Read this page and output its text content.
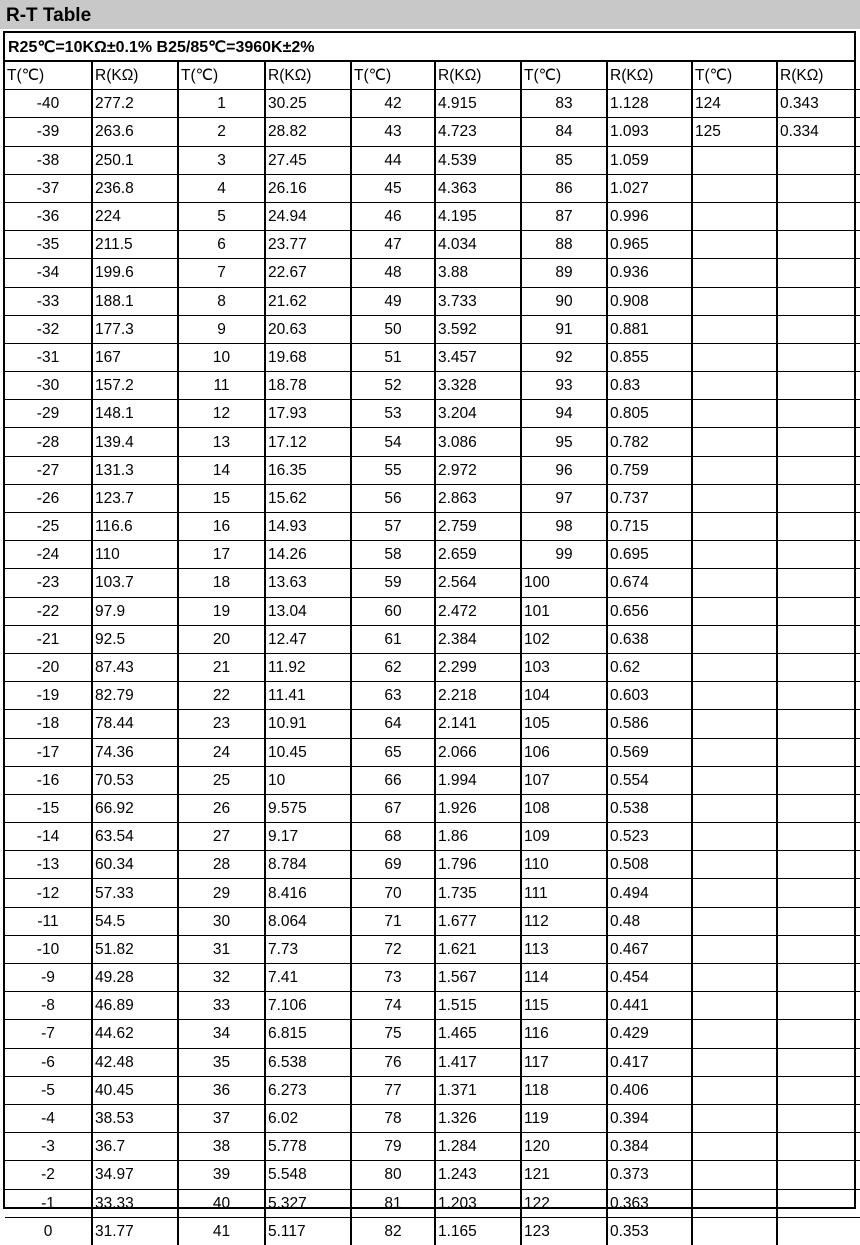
R-T Table
R25℃=10KΩ±0.1% B25/85℃=3960K±2%
T(℃)	R(KΩ)	T(℃)	R(KΩ)	T(℃)	R(KΩ)	T(℃)	R(KΩ)	T(℃)	R(KΩ)
-40	277.2	1	30.25	42	4.915	83	1.128	124	0.343
-39	263.6	2	28.82	43	4.723	84	1.093	125	0.334
-38	250.1	3	27.45	44	4.539	85	1.059		
-37	236.8	4	26.16	45	4.363	86	1.027		
-36	224	5	24.94	46	4.195	87	0.996		
-35	211.5	6	23.77	47	4.034	88	0.965		
-34	199.6	7	22.67	48	3.88	89	0.936		
-33	188.1	8	21.62	49	3.733	90	0.908		
-32	177.3	9	20.63	50	3.592	91	0.881		
-31	167	10	19.68	51	3.457	92	0.855		
-30	157.2	11	18.78	52	3.328	93	0.83		
-29	148.1	12	17.93	53	3.204	94	0.805		
-28	139.4	13	17.12	54	3.086	95	0.782		
-27	131.3	14	16.35	55	2.972	96	0.759		
-26	123.7	15	15.62	56	2.863	97	0.737		
-25	116.6	16	14.93	57	2.759	98	0.715		
-24	110	17	14.26	58	2.659	99	0.695		
-23	103.7	18	13.63	59	2.564	100	0.674		
-22	97.9	19	13.04	60	2.472	101	0.656		
-21	92.5	20	12.47	61	2.384	102	0.638		
-20	87.43	21	11.92	62	2.299	103	0.62		
-19	82.79	22	11.41	63	2.218	104	0.603		
-18	78.44	23	10.91	64	2.141	105	0.586		
-17	74.36	24	10.45	65	2.066	106	0.569		
-16	70.53	25	10	66	1.994	107	0.554		
-15	66.92	26	9.575	67	1.926	108	0.538		
-14	63.54	27	9.17	68	1.86	109	0.523		
-13	60.34	28	8.784	69	1.796	110	0.508		
-12	57.33	29	8.416	70	1.735	111	0.494		
-11	54.5	30	8.064	71	1.677	112	0.48		
-10	51.82	31	7.73	72	1.621	113	0.467		
-9	49.28	32	7.41	73	1.567	114	0.454		
-8	46.89	33	7.106	74	1.515	115	0.441		
-7	44.62	34	6.815	75	1.465	116	0.429		
-6	42.48	35	6.538	76	1.417	117	0.417		
-5	40.45	36	6.273	77	1.371	118	0.406		
-4	38.53	37	6.02	78	1.326	119	0.394		
-3	36.7	38	5.778	79	1.284	120	0.384		
-2	34.97	39	5.548	80	1.243	121	0.373		
-1	33.33	40	5.327	81	1.203	122	0.363		
0	31.77	41	5.117	82	1.165	123	0.353		
